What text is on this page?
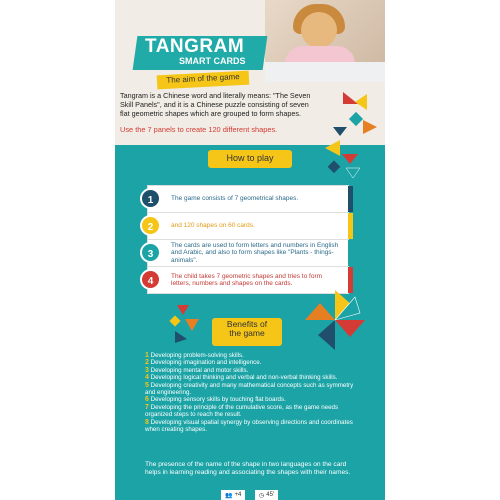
TANGRAM
SMART CARDS
The aim of the game
Tangram is a Chinese word and literally means: "The Seven Skill Panels", and it is a Chinese puzzle consisting of seven flat geometric shapes which are grouped to form shapes.
Use the 7 panels to create 120 different shapes.
How to play
1	The game consists of 7 geometrical shapes.
2	and 120 shapes on 60 cards.
3
The cards are used to form letters and numbers in English and Arabic, and also to form shapes like "Plants - things- animals".
4	The child takes 7 geometric shapes and tries to form letters, numbers and shapes on the cards.
Benefits of
the game
1 Developing problem-solving skills.
2 Developing imagination and intelligence.
3 Developing mental and motor skills.
4 Developing logical thinking and verbal and non-verbal thinking skills.
5 Developing creativity and many mathematical concepts such as symmetry and engineering.
6 Developing sensory skills by touching flat boards.
7 Developing the principle of the cumulative score, as the game needs organized steps to reach the result.
8 Developing visual spatial synergy by observing directions and coordinates when creating shapes.
The presence of the name of the shape in two languages on the card helps in learning reading and associating the shapes with their names.
👥 +4	◷ 45'
